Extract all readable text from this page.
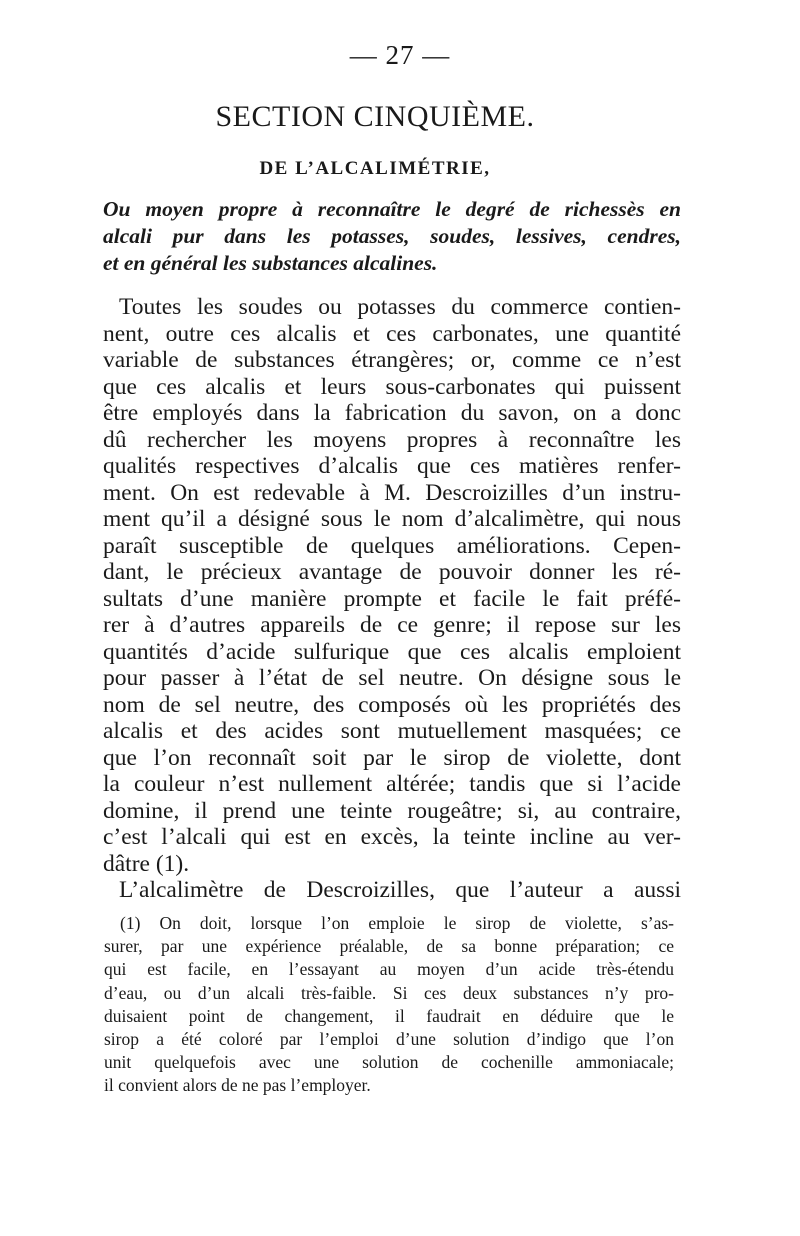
— 27 —
SECTION CINQUIÈME.
DE L’ALCALIMÉTRIE,
Ou moyen propre à reconnaître le degré de richessès en
alcali pur dans les potasses, soudes, lessives, cendres,
et en général les substances alcalines.
Toutes les soudes ou potasses du commerce contien-
nent, outre ces alcalis et ces carbonates, une quantité
variable de substances étrangères; or, comme ce n’est
que ces alcalis et leurs sous-carbonates qui puissent
être employés dans la fabrication du savon, on a donc
dû rechercher les moyens propres à reconnaître les
qualités respectives d’alcalis que ces matières renfer-
ment. On est redevable à M. Descroizilles d’un instru-
ment qu’il a désigné sous le nom d’alcalimètre, qui nous
paraît susceptible de quelques améliorations. Cepen-
dant, le précieux avantage de pouvoir donner les ré-
sultats d’une manière prompte et facile le fait préfé-
rer à d’autres appareils de ce genre; il repose sur les
quantités d’acide sulfurique que ces alcalis emploient
pour passer à l’état de sel neutre. On désigne sous le
nom de sel neutre, des composés où les propriétés des
alcalis et des acides sont mutuellement masquées; ce
que l’on reconnaît soit par le sirop de violette, dont
la couleur n’est nullement altérée; tandis que si l’acide
domine, il prend une teinte rougeâtre; si, au contraire,
c’est l’alcali qui est en excès, la teinte incline au ver-
dâtre (1).
L’alcalimètre de Descroizilles, que l’auteur a aussi
(1) On doit, lorsque l’on emploie le sirop de violette, s’as-
surer, par une expérience préalable, de sa bonne préparation; ce
qui est facile, en l’essayant au moyen d’un acide très-étendu
d’eau, ou d’un alcali très-faible. Si ces deux substances n’y pro-
duisaient point de changement, il faudrait en déduire que le
sirop a été coloré par l’emploi d’une solution d’indigo que l’on
unit quelquefois avec une solution de cochenille ammoniacale;
il convient alors de ne pas l’employer.
